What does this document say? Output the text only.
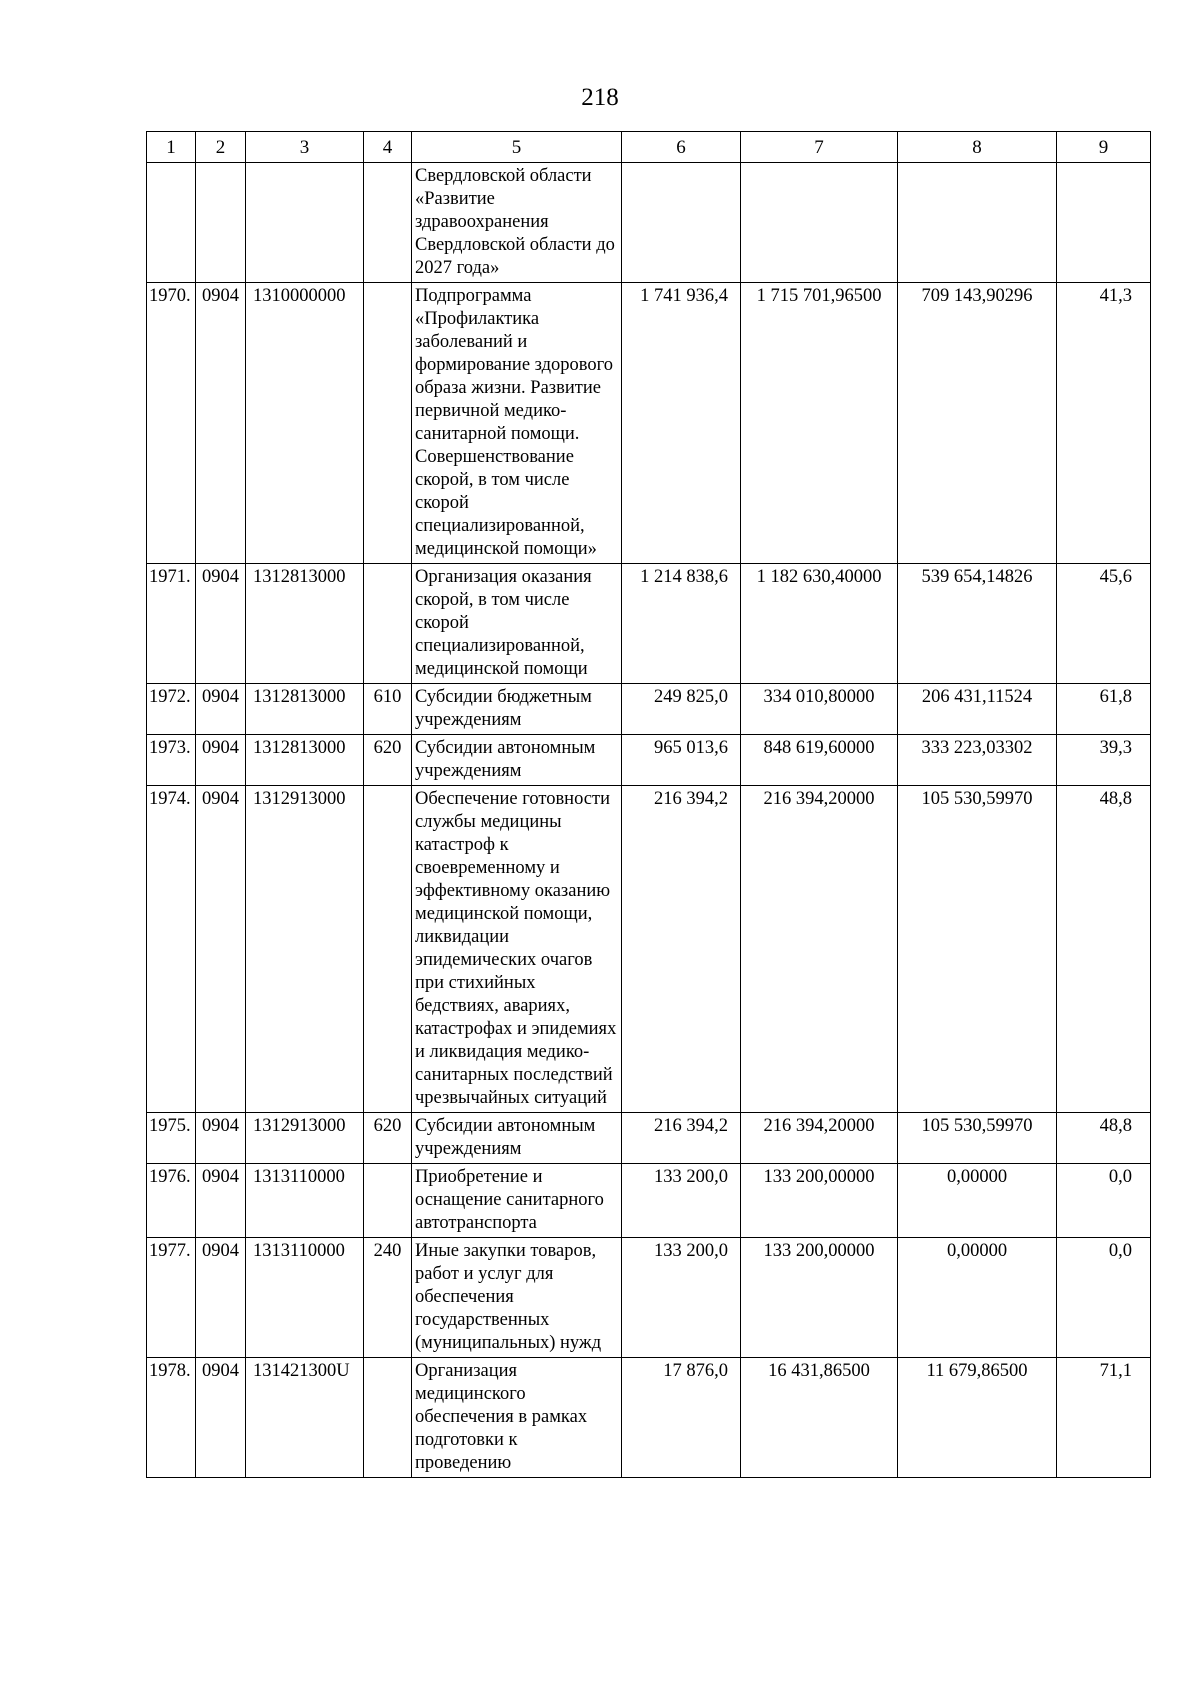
218
1	2	3	4	5	6	7	8	9
				Свердловской области «Развитие здравоохранения Свердловской области до 2027 года»				
1970.	0904	1310000000		Подпрограмма «Профилактика заболеваний и формирование здорового образа жизни. Развитие первичной медико-санитарной помощи. Совершенствование скорой, в том числе скорой специализированной, медицинской помощи»	1 741 936,4	1 715 701,96500	709 143,90296	41,3
1971.	0904	1312813000		Организация оказания скорой, в том числе скорой специализированной, медицинской помощи	1 214 838,6	1 182 630,40000	539 654,14826	45,6
1972.	0904	1312813000	610	Субсидии бюджетным учреждениям	249 825,0	334 010,80000	206 431,11524	61,8
1973.	0904	1312813000	620	Субсидии автономным учреждениям	965 013,6	848 619,60000	333 223,03302	39,3
1974.	0904	1312913000		Обеспечение готовности службы медицины катастроф к своевременному и эффективному оказанию медицинской помощи, ликвидации эпидемических очагов при стихийных бедствиях, авариях, катастрофах и эпидемиях и ликвидация медико-санитарных последствий чрезвычайных ситуаций	216 394,2	216 394,20000	105 530,59970	48,8
1975.	0904	1312913000	620	Субсидии автономным учреждениям	216 394,2	216 394,20000	105 530,59970	48,8
1976.	0904	1313110000		Приобретение и оснащение санитарного автотранспорта	133 200,0	133 200,00000	0,00000	0,0
1977.	0904	1313110000	240	Иные закупки товаров, работ и услуг для обеспечения государственных (муниципальных) нужд	133 200,0	133 200,00000	0,00000	0,0
1978.	0904	131421300U		Организация медицинского обеспечения в рамках подготовки к проведению	17 876,0	16 431,86500	11 679,86500	71,1
